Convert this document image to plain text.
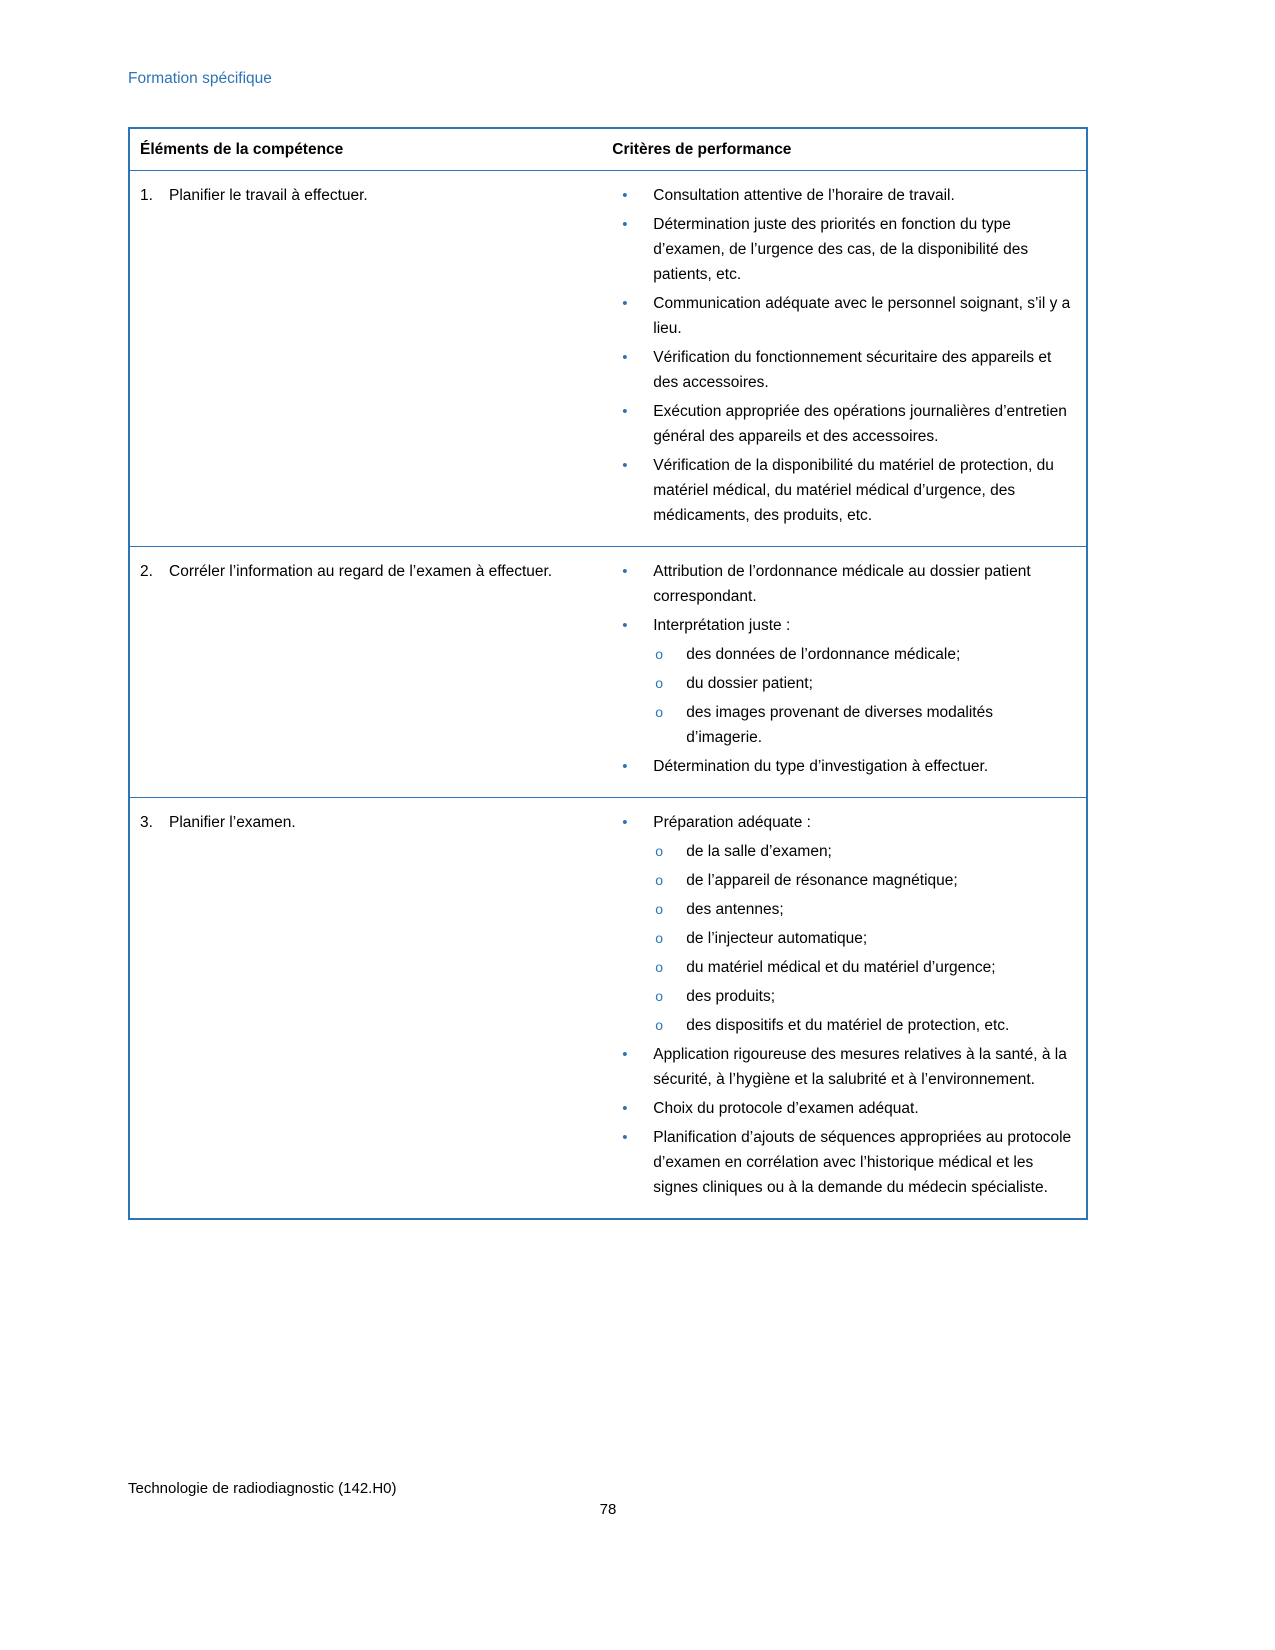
Formation spécifique
Éléments de la compétence	Critères de performance

1.	Planifier le travail à effectuer.	•	Consultation attentive de l’horaire de travail.
•	Détermination juste des priorités en fonction du type d’examen, de l’urgence des cas, de la disponibilité des patients, etc.
•	Communication adéquate avec le personnel soignant, s’il y a lieu.
•	Vérification du fonctionnement sécuritaire des appareils et des accessoires.
•	Exécution appropriée des opérations journalières d’entretien général des appareils et des accessoires.
•	Vérification de la disponibilité du matériel de protection, du matériel médical, du matériel médical d’urgence, des médicaments, des produits, etc.

2.	Corréler l’information au regard de l’examen à effectuer.	•	Attribution de l’ordonnance médicale au dossier patient correspondant.
•	Interprétation juste :
o	des données de l’ordonnance médicale;
o	du dossier patient;
o	des images provenant de diverses modalités d’imagerie.
•	Détermination du type d’investigation à effectuer.

3.	Planifier l’examen.	•	Préparation adéquate :
o	de la salle d’examen;
o	de l’appareil de résonance magnétique;
o	des antennes;
o	de l’injecteur automatique;
o	du matériel médical et du matériel d’urgence;
o	des produits;
o	des dispositifs et du matériel de protection, etc.
•	Application rigoureuse des mesures relatives à la santé, à la sécurité, à l’hygiène et la salubrité et à l’environnement.
•	Choix du protocole d’examen adéquat.
•	Planification d’ajouts de séquences appropriées au protocole d’examen en corrélation avec l’historique médical et les signes cliniques ou à la demande du médecin spécialiste.
Technologie de radiodiagnostic (142.H0)
78
